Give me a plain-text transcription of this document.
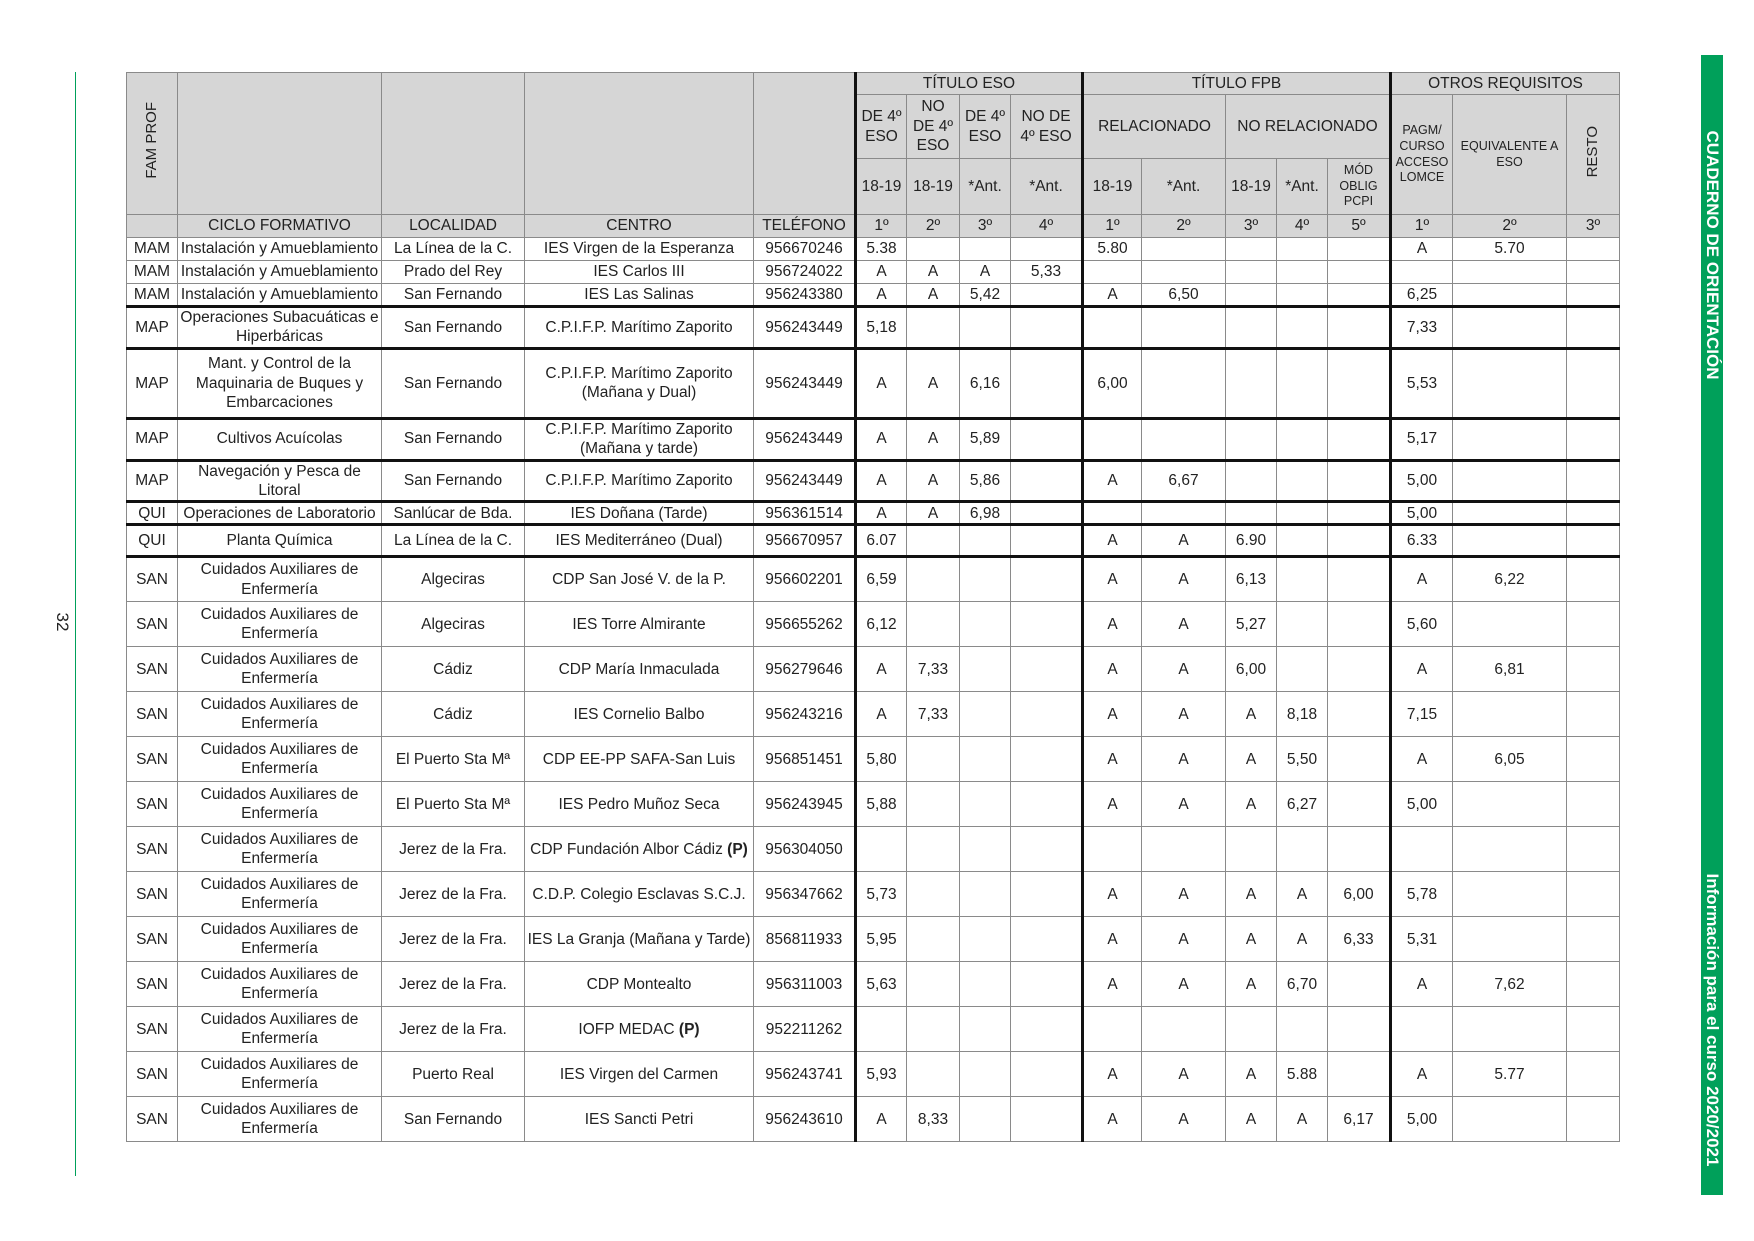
32
CUADERNO DE ORIENTACIÓN
Información para el curso 2020/2021
FAM PROF					TÍTULO ESO				TÍTULO FPB					OTROS REQUISITOS		
					DE 4º ESO	NO DE 4º ESO	DE 4º ESO	NO DE 4º ESO	RELACIONADO		NO RELACIONADO			PAGM/ CURSO ACCESO LOMCE	EQUIVALENTE A ESO	RESTO
					18-19	18-19	*Ant.	*Ant.	18-19	*Ant.	18-19	*Ant.	MÓD OBLIG PCPI			
	CICLO FORMATIVO	LOCALIDAD	CENTRO	TELÉFONO	1º	2º	3º	4º	1º	2º	3º	4º	5º	1º	2º	3º
MAM	Instalación y Amueblamiento	La Línea de la C.	IES Virgen de la Esperanza	956670246	5.38				5.80					A	5.70	
MAM	Instalación y Amueblamiento	Prado del Rey	IES Carlos III	956724022	A	A	A	5,33								
MAM	Instalación y Amueblamiento	San Fernando	IES Las Salinas	956243380	A	A	5,42		A	6,50				6,25		
MAP	Operaciones Subacuáticas e Hiperbáricas	San Fernando	C.P.I.F.P. Marítimo Zaporito	956243449	5,18									7,33		
MAP	Mant. y Control de la Maquinaria de Buques y Embarcaciones	San Fernando	C.P.I.F.P. Marítimo Zaporito (Mañana y Dual)	956243449	A	A	6,16		6,00					5,53		
MAP	Cultivos Acuícolas	San Fernando	C.P.I.F.P. Marítimo Zaporito (Mañana y tarde)	956243449	A	A	5,89							5,17		
MAP	Navegación y Pesca de Litoral	San Fernando	C.P.I.F.P. Marítimo Zaporito	956243449	A	A	5,86		A	6,67				5,00		
QUI	Operaciones de Laboratorio	Sanlúcar de Bda.	IES Doñana (Tarde)	956361514	A	A	6,98							5,00		
QUI	Planta Química	La Línea de la C.	IES Mediterráneo (Dual)	956670957	6.07				A	A	6.90			6.33		
SAN	Cuidados Auxiliares de Enfermería	Algeciras	CDP San José V. de la P.	956602201	6,59				A	A	6,13			A	6,22	
SAN	Cuidados Auxiliares de Enfermería	Algeciras	IES Torre Almirante	956655262	6,12				A	A	5,27			5,60		
SAN	Cuidados Auxiliares de Enfermería	Cádiz	CDP María Inmaculada	956279646	A	7,33			A	A	6,00			A	6,81	
SAN	Cuidados Auxiliares de Enfermería	Cádiz	IES Cornelio Balbo	956243216	A	7,33			A	A	A	8,18		7,15		
SAN	Cuidados Auxiliares de Enfermería	El Puerto Sta Mª	CDP EE-PP SAFA-San Luis	956851451	5,80				A	A	A	5,50		A	6,05	
SAN	Cuidados Auxiliares de Enfermería	El Puerto Sta Mª	IES Pedro Muñoz Seca	956243945	5,88				A	A	A	6,27		5,00		
SAN	Cuidados Auxiliares de Enfermería	Jerez de la Fra.	CDP Fundación Albor Cádiz (P)	956304050												
SAN	Cuidados Auxiliares de Enfermería	Jerez de la Fra.	C.D.P. Colegio Esclavas S.C.J.	956347662	5,73				A	A	A	A	6,00	5,78		
SAN	Cuidados Auxiliares de Enfermería	Jerez de la Fra.	IES La Granja (Mañana y Tarde)	856811933	5,95				A	A	A	A	6,33	5,31		
SAN	Cuidados Auxiliares de Enfermería	Jerez de la Fra.	CDP Montealto	956311003	5,63				A	A	A	6,70		A	7,62	
SAN	Cuidados Auxiliares de Enfermería	Jerez de la Fra.	IOFP MEDAC (P)	952211262												
SAN	Cuidados Auxiliares de Enfermería	Puerto Real	IES Virgen del Carmen	956243741	5,93				A	A	A	5.88		A	5.77	
SAN	Cuidados Auxiliares de Enfermería	San Fernando	IES Sancti Petri	956243610	A	8,33			A	A	A	A	6,17	5,00		
